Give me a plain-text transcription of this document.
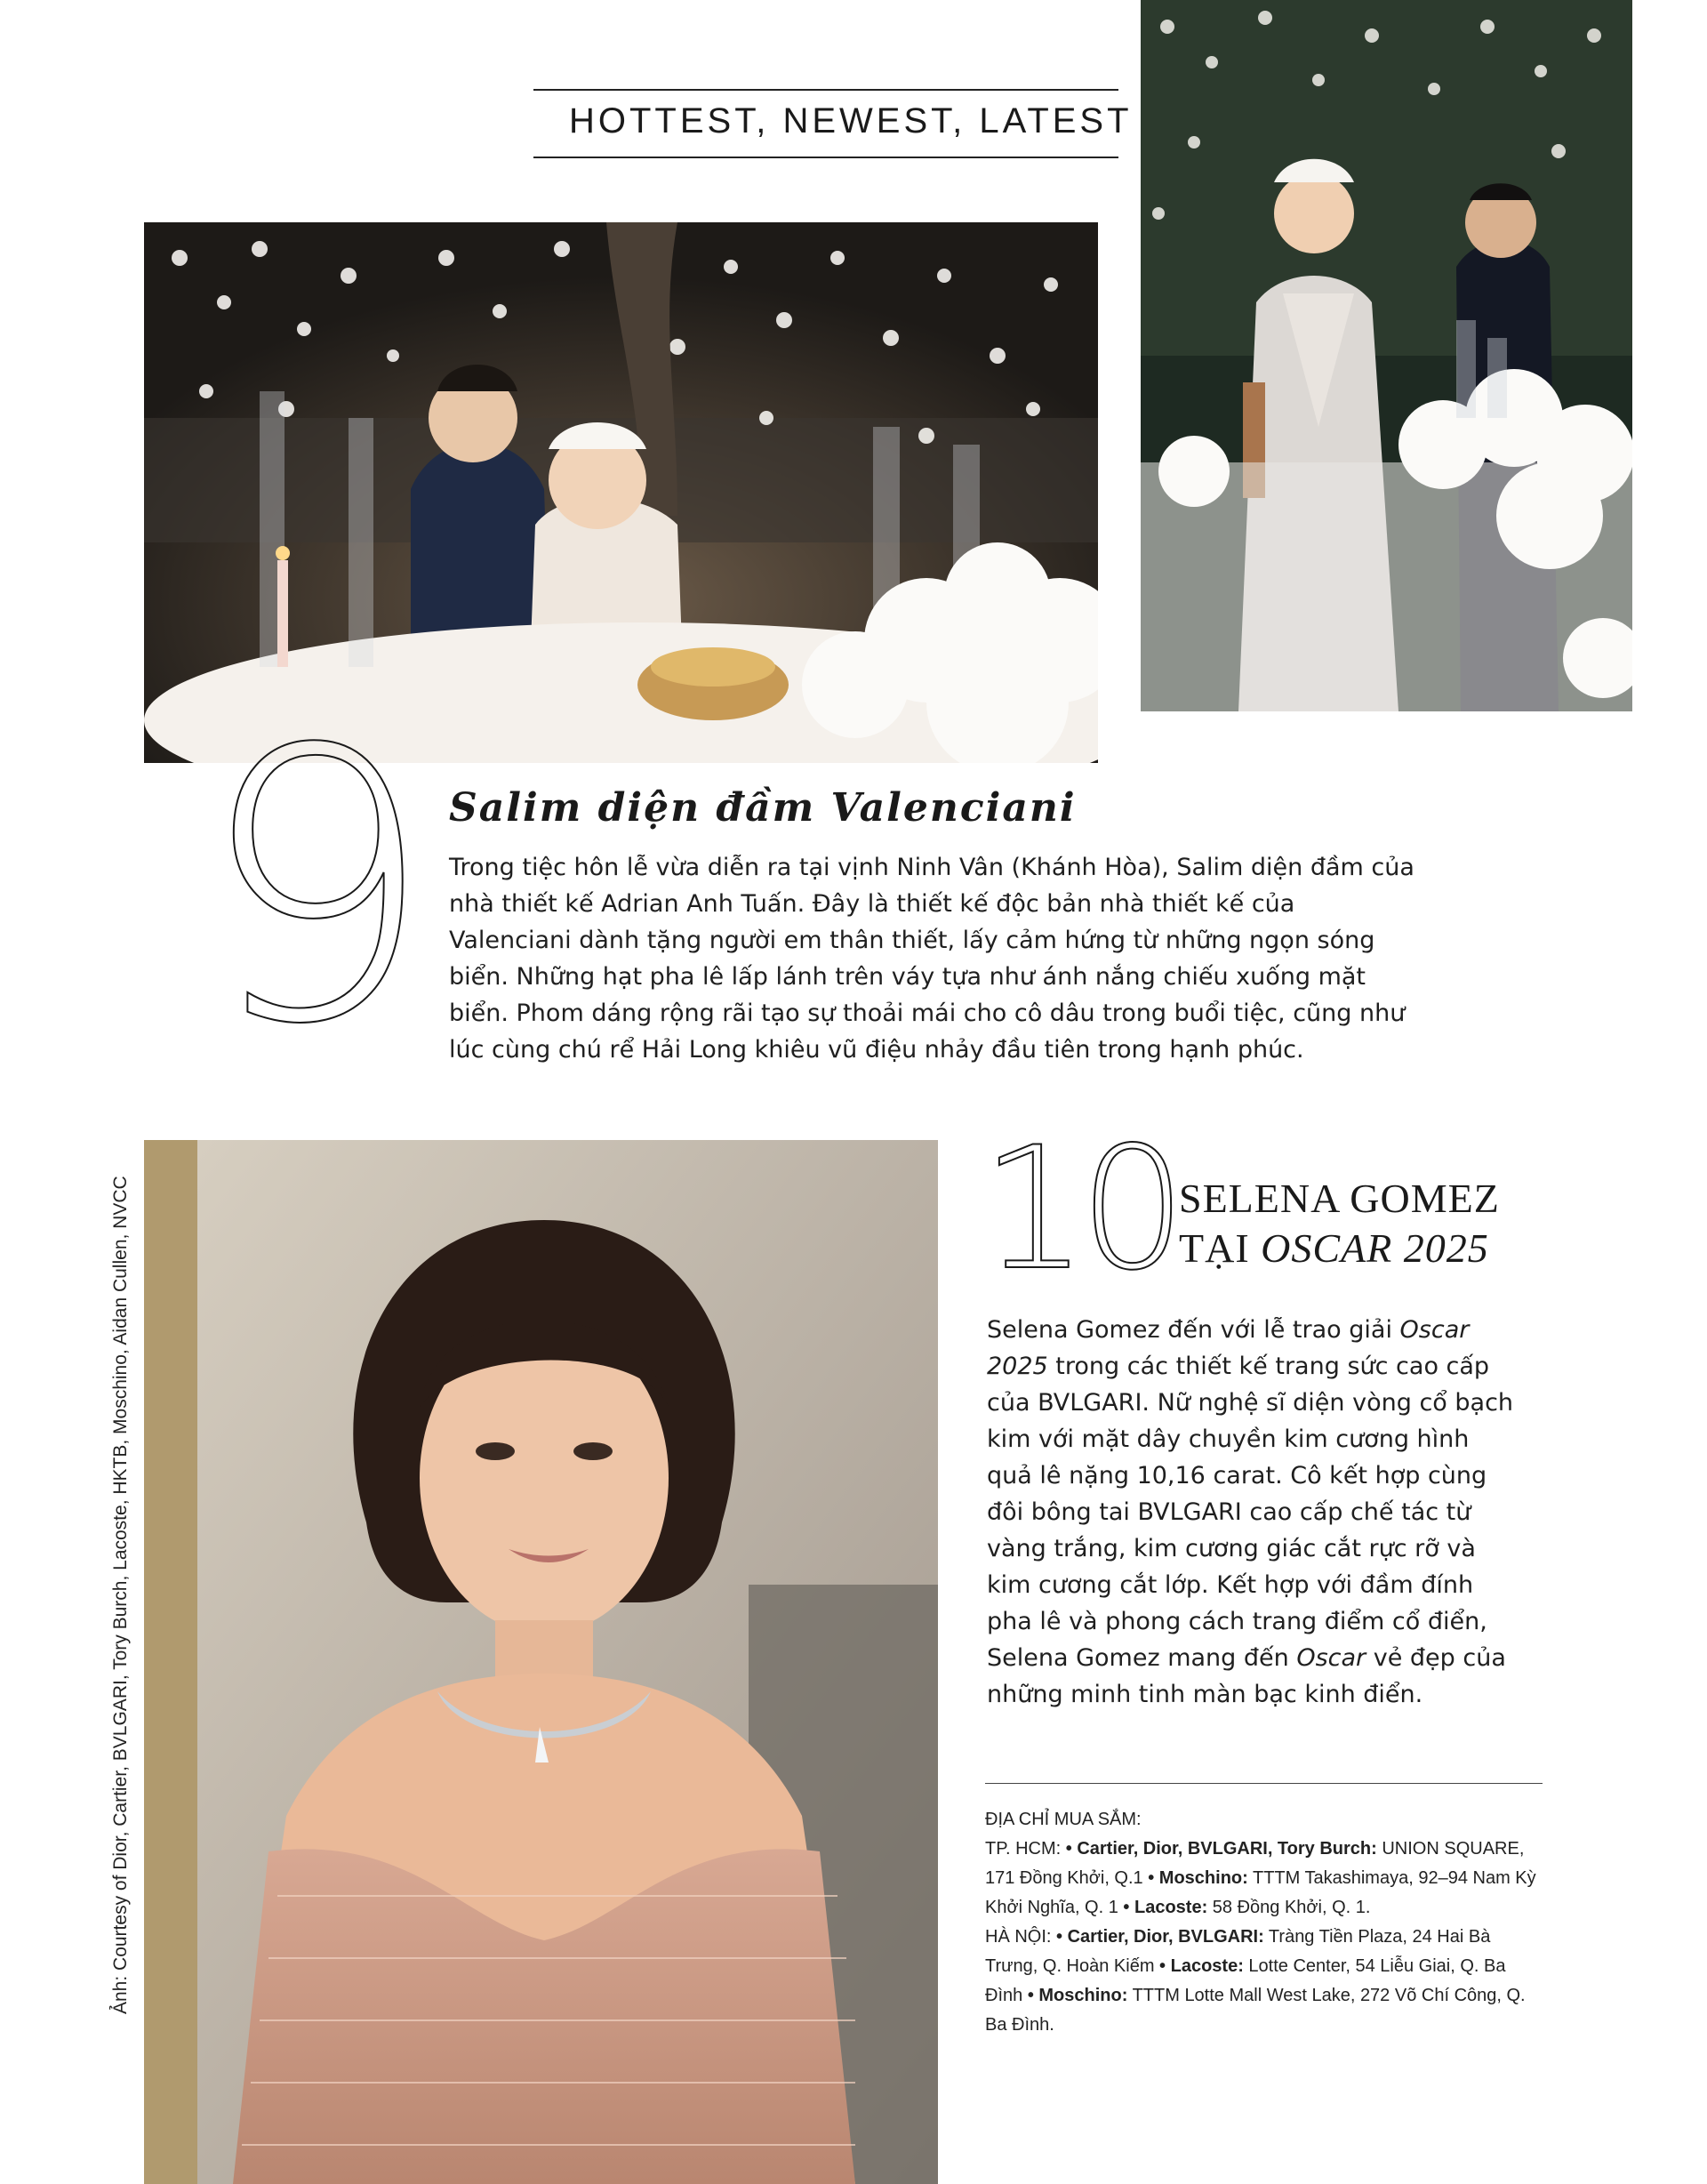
HOTTEST, NEWEST, LATEST
9 Salim diện đầm Valenciani
Trong tiệc hôn lễ vừa diễn ra tại vịnh Ninh Vân (Khánh Hòa), Salim diện đầm của nhà thiết kế Adrian Anh Tuấn. Đây là thiết kế độc bản nhà thiết kế của Valenciani dành tặng người em thân thiết, lấy cảm hứng từ những ngọn sóng biển. Những hạt pha lê lấp lánh trên váy tựa như ánh nắng chiếu xuống mặt biển. Phom dáng rộng rãi tạo sự thoải mái cho cô dâu trong buổi tiệc, cũng như lúc cùng chú rể Hải Long khiêu vũ điệu nhảy đầu tiên trong hạnh phúc.
10 SELENA GOMEZ
TẠI OSCAR 2025
Selena Gomez đến với lễ trao giải Oscar 2025 trong các thiết kế trang sức cao cấp của BVLGARI. Nữ nghệ sĩ diện vòng cổ bạch kim với mặt dây chuyền kim cương hình quả lê nặng 10,16 carat. Cô kết hợp cùng đôi bông tai BVLGARI cao cấp chế tác từ vàng trắng, kim cương giác cắt rực rỡ và kim cương cắt lớp. Kết hợp với đầm đính pha lê và phong cách trang điểm cổ điển, Selena Gomez mang đến Oscar vẻ đẹp của những minh tinh màn bạc kinh điển.
Ảnh: Courtesy of Dior, Cartier, BVLGARI, Tory Burch, Lacoste, HKTB, Moschino, Aidan Cullen, NVCC	ĐỊA CHỈ MUA SẮM:
TP. HCM: • Cartier, Dior, BVLGARI, Tory Burch: UNION SQUARE, 171 Đồng Khởi, Q.1 • Moschino: TTTM Takashimaya, 92–94 Nam Kỳ Khởi Nghĩa, Q. 1 • Lacoste: 58 Đồng Khởi, Q. 1.
HÀ NỘI: • Cartier, Dior, BVLGARI: Tràng Tiền Plaza, 24 Hai Bà Trưng, Q. Hoàn Kiếm • Lacoste: Lotte Center, 54 Liễu Giai, Q. Ba Đình • Moschino: TTTM Lotte Mall West Lake, 272 Võ Chí Công, Q. Ba Đình.
